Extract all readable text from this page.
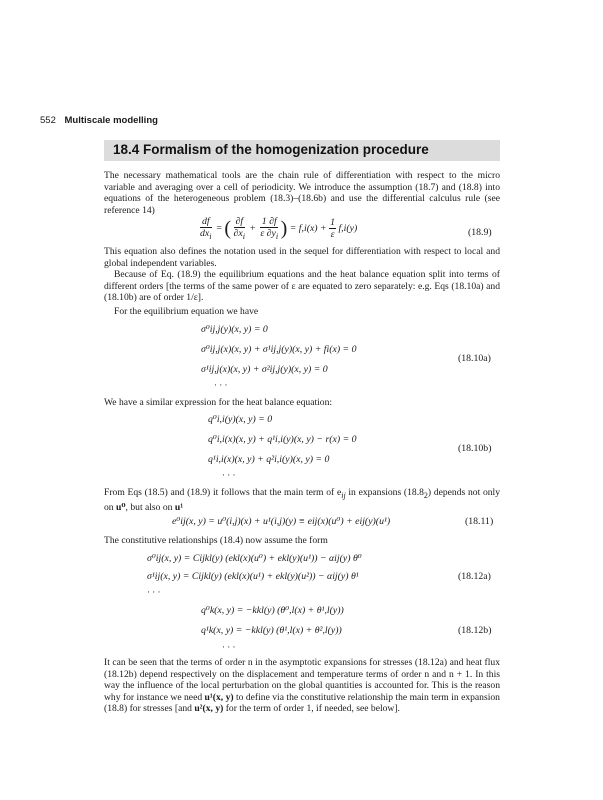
552 Multiscale modelling
18.4 Formalism of the homogenization procedure
The necessary mathematical tools are the chain rule of differentiation with respect to the micro variable and averaging over a cell of periodicity. We introduce the assumption (18.7) and (18.8) into equations of the heterogeneous problem (18.3)–(18.6b) and use the differential calculus rule (see reference 14)
$\frac{df}{dx_i}$ = ( $\frac{\partial f}{\partial x_i} + \frac{1 \partial f}{\varepsilon \partial y_i}$ ) = $f,i(x) + \frac{1}{\varepsilon} f,i(y)$	(18.9)
This equation also defines the notation used in the sequel for differentiation with respect to local and global independent variables.
Because of Eq. (18.9) the equilibrium equations and the heat balance equation split into terms of different orders [the terms of the same power of ε are equated to zero separately: e.g. Eqs (18.10a) and (18.10b) are of order 1/ε].
For the equilibrium equation we have
σ⁰ij,j(y)(x, y) = 0
σ⁰ij,j(x)(x, y) + σ¹ij,j(y)(x, y) + fi(x) = 0
σ¹ij,j(x)(x, y) + σ²ij,j(y)(x, y) = 0
· · ·
(18.10a)
We have a similar expression for the heat balance equation:
q⁰i,i(y)(x, y) = 0
q⁰i,i(x)(x, y) + q¹i,i(y)(x, y) − r(x) = 0
q¹i,i(x)(x, y) + q²i,i(y)(x, y) = 0
· · ·
(18.10b)
From Eqs (18.5) and (18.9) it follows that the main term of $e_{ij}$ in expansions $(18.8_2)$ depends not only on u⁰, but also on u¹
e⁰ij(x, y) = u⁰(i,j)(x) + u¹(i,j)(y) ≡ eij(x)(u⁰) + eij(y)(u¹)	(18.11)
The constitutive relationships (18.4) now assume the form
σ⁰ij(x, y) = Cijkl(y) (ekl(x)(u⁰) + ekl(y)(u¹)) − αij(y) θ⁰
σ¹ij(x, y) = Cijkl(y) (ekl(x)(u¹) + ekl(y)(u²)) − αij(y) θ¹
· · ·
(18.12a)
q⁰k(x, y) = −kkl(y) (θ⁰,l(x) + θ¹,l(y))
q¹k(x, y) = −kkl(y) (θ¹,l(x) + θ²,l(y))
· · ·
(18.12b)
It can be seen that the terms of order n in the asymptotic expansions for stresses (18.12a) and heat flux (18.12b) depend respectively on the displacement and temperature terms of order n and n + 1. In this way the influence of the local perturbation on the global quantities is accounted for. This is the reason why for instance we need u¹(x, y) to define via the constitutive relationship the main term in expansion (18.8) for stresses [and u²(x, y) for the term of order 1, if needed, see below].
